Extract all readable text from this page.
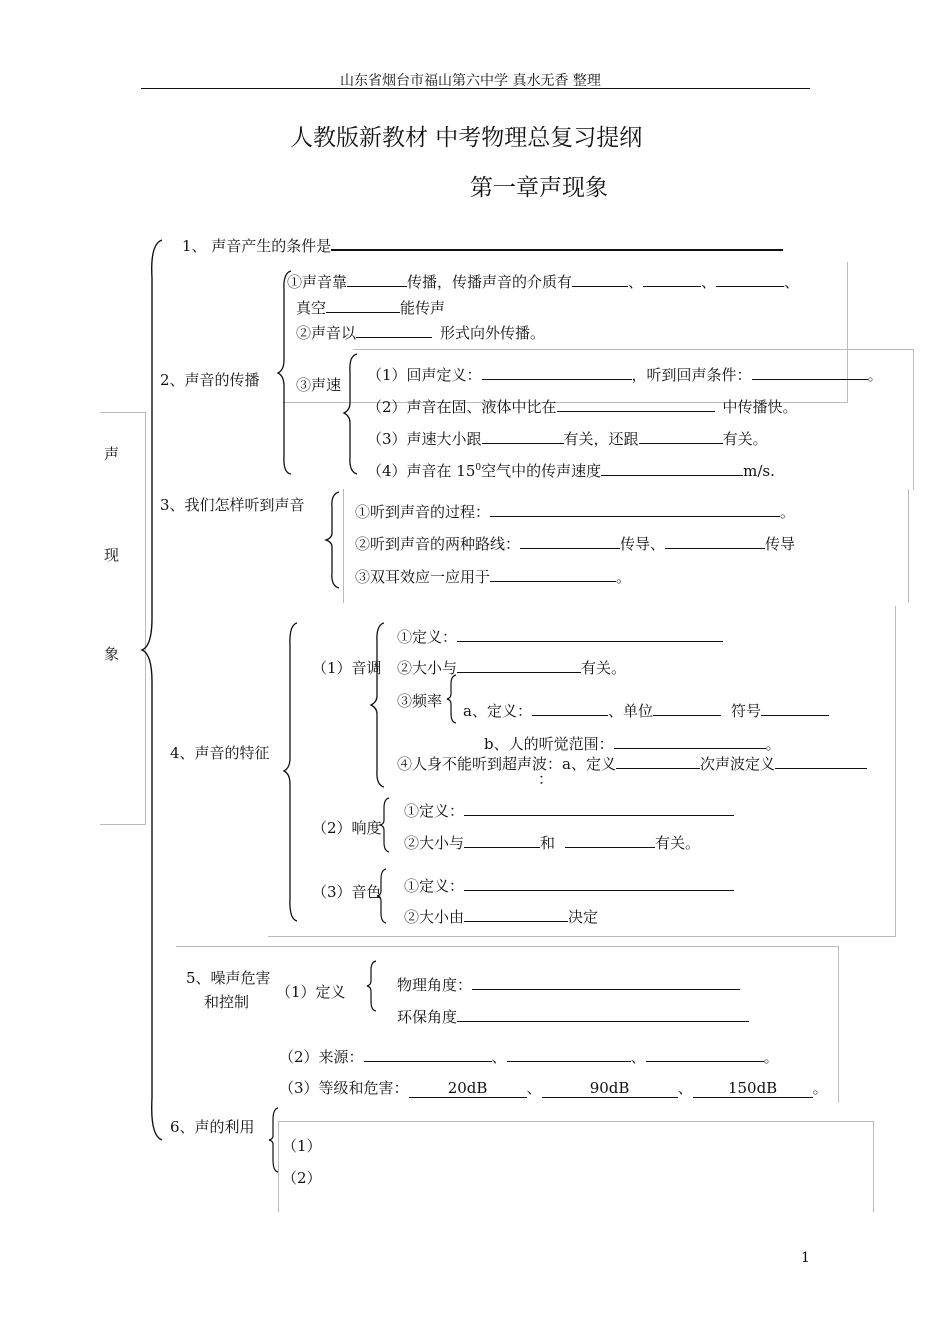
山东省烟台市福山第六中学 真水无香 整理
人教版新教材 中考物理总复习提纲
第一章声现象
声
现
象
1、 声音产生的条件是
2、声音的传播
①声音靠	传播，传播声音的介质有	、	、	、
真空	能传声
②声音以	形式向外传播。
③声速
（1）回声定义：	，听到回声条件：	。
（2）声音在固、液体中比在	中传播快。
（3）声速大小跟	有关，还跟	有关。
（4）声音在 $15^0$空气中的传声速度	m/s.
3、我们怎样听到声音	①听到声音的过程：	。
②听到声音的两种路线：	传导、	传导
③双耳效应一应用于	。
4、声音的特征
（1）音调
①定义：
②大小与	有关。
③频率
a、定义：	、单位	符号
b、人的听觉范围：	。
④人身不能听到超声波：a、定义	次声波定义
：
（2）响度
①定义：
②大小与	和	有关。
（3）音色 ①定义：
②大小由	决定
5、噪声危害
和控制
（1）定义	物理角度：
环保角度
（2）来源：	、	、	。
（3）等级和危害：	20dB	、	90dB	、 150dB 。
6、声的利用
（1）
（2）
1
